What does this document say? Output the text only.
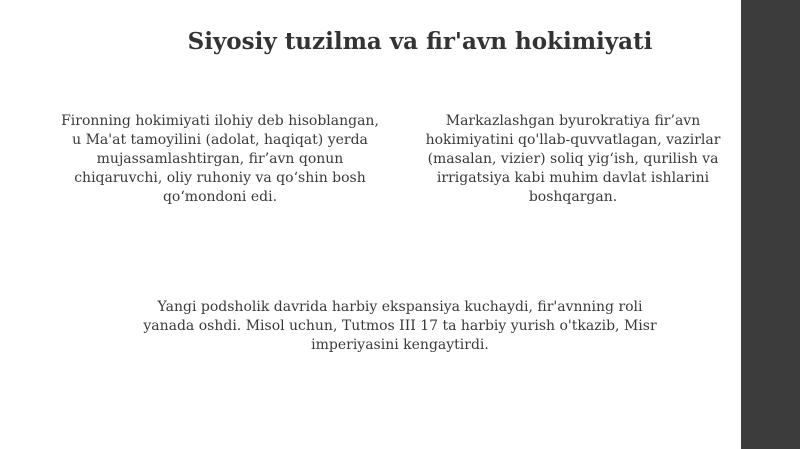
Siyosiy tuzilma va fir'avn hokimiyati

Fironning hokimiyati ilohiy deb hisoblangan, u Ma'at tamoyilini (adolat, haqiqat) yerda mujassamlashtirgan, fir’avn qonun chiqaruvchi, oliy ruhoniy va qo‘shin bosh qo‘mondoni edi.

Markazlashgan byurokratiya fir’avn hokimiyatini qo'llab-quvvatlagan, vazirlar (masalan, vizier) soliq yig‘ish, qurilish va irrigatsiya kabi muhim davlat ishlarini boshqargan.

Yangi podsholik davrida harbiy ekspansiya kuchaydi, fir'avnning roli yanada oshdi. Misol uchun, Tutmos III 17 ta harbiy yurish o'tkazib, Misr imperiyasini kengaytirdi.
